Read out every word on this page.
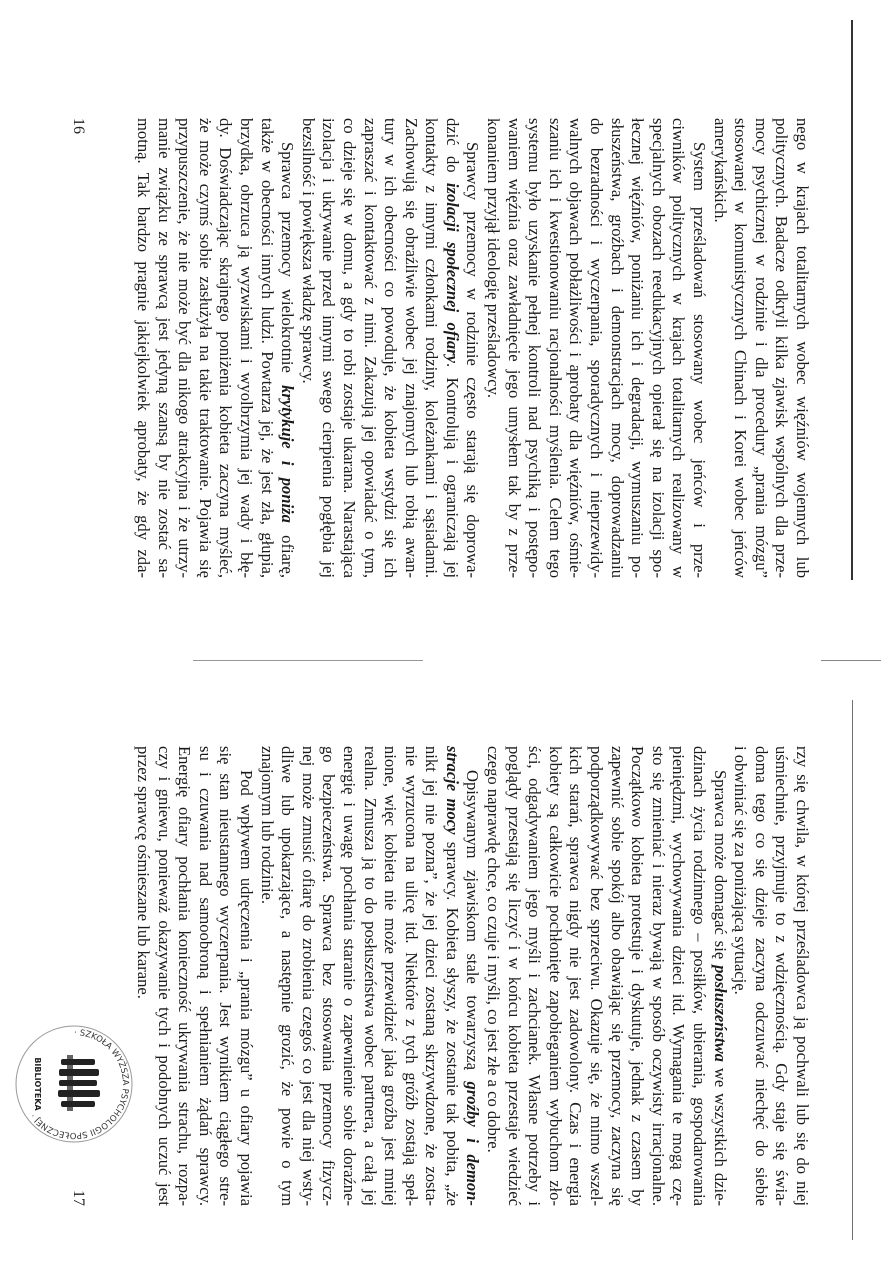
nego w krajach totalitarnych wobec więźniów wojennych lub
politycznych. Badacze odkryli kilka zjawisk wspólnych dla prze-
mocy psychicznej w rodzinie i dla procedury „prania mózgu”
stosowanej w komunistycznych Chinach i Korei wobec jeńców
amerykańskich.
System prześladowań stosowany wobec jeńców i prze-
ciwników politycznych w krajach totalitarnych realizowany w
specjalnych obozach reedukacyjnych opierał się na izolacji spo-
łecznej więźniów, poniżaniu ich i degradacji, wymuszaniu po-
słuszeństwa, groźbach i demonstracjach mocy, doprowadzaniu
do bezradności i wyczerpania, sporadycznych i nieprzewidy-
walnych objawach pobłażliwości i aprobaty dla więźniów, ośmie-
szaniu ich i kwestionowaniu racjonalności myślenia. Celem tego
systemu było uzyskanie pełnej kontroli nad psychiką i postępo-
waniem więźnia oraz zawładnięcie jego umysłem tak by z prze-
konaniem przyjął ideologię prześladowcy.
Sprawcy przemocy w rodzinie często starają się doprowa-
dzić do izolacji społecznej ofiary. Kontrolują i ograniczają jej
kontakty z innymi członkami rodziny, koleżankami i sąsiadami.
Zachowują się obraźliwie wobec jej znajomych lub robią awan-
tury w ich obecności co powoduje, że kobieta wstydzi się ich
zapraszać i kontaktować z nimi. Zakazują jej opowiadać o tym,
co dzieje się w domu, a gdy to robi zostaje ukarana. Narastająca
izolacja i ukrywanie przed innymi swego cierpienia pogłębia jej
bezsilność i powiększa władzę sprawcy.
Sprawca przemocy wielokrotnie krytykuje i poniża ofiarę,
także w obecności innych ludzi. Powtarza jej, że jest zła, głupia,
brzydka, obrzuca ją wyzwiskami i wyolbrzymia jej wady i błę-
dy. Doświadczając skrajnego poniżenia kobieta zaczyna myśleć,
że może czymś sobie zasłużyła na takie traktowanie. Pojawia się
przypuszczenie, że nie może być dla nikogo atrakcyjna i że utrzy-
manie związku ze sprawcą jest jedyną szansą by nie zostać sa-
motną. Tak bardzo pragnie jakiejkolwiek aprobaty, że gdy zda-
rzy się chwila, w której prześladowca ją pochwali lub się do niej
uśmiechnie, przyjmuje to z wdzięcznością. Gdy staje się świa-
doma tego co się dzieje zaczyna odczuwać niechęć do siebie
i obwiniać się za poniżającą sytuację.
Sprawca może domagać się posłuszeństwa we wszystkich dzie-
dzinach życia rodzinnego – posiłków, ubierania, gospodarowania
pieniędzmi, wychowywania dzieci itd. Wymagania te mogą czę-
sto się zmieniać i nieraz bywają w sposób oczywisty irracjonalne.
Początkowo kobieta protestuje i dyskutuje, jednak z czasem by
zapewnić sobie spokój albo obawiając się przemocy, zaczyna się
podporządkowywać bez sprzeciwu. Okazuje się, że mimo wszel-
kich starań, sprawca nigdy nie jest zadowolony. Czas i energia
kobiety są całkowicie pochłonięte zapobieganiem wybuchom zło-
ści, odgadywaniem jego myśli i zachcianek. Własne potrzeby i
poglądy przestają się liczyć i w końcu kobieta przestaje wiedzieć
czego naprawdę chce, co czuje i myśli, co jest złe a co dobre.
Opisywanym zjawiskom stale towarzyszą groźby i demon-
stracje mocy sprawcy. Kobieta słyszy, że zostanie tak pobita, „że
nikt jej nie pozna”, że jej dzieci zostaną skrzywdzone, że zosta-
nie wyrzucona na ulicę itd. Niektóre z tych gróźb zostają speł-
nione, więc kobieta nie może przewidzieć jaka groźba jest mniej
realna. Zmusza ją to do posłuszeństwa wobec partnera, a całą jej
energię i uwagę pochłania staranie o zapewnienie sobie doraźne-
go bezpieczeństwa. Sprawca bez stosowania przemocy fizycz-
nej może zmusić ofiarę do zrobienia czegoś co jest dla niej wsty-
dliwe lub upokarzające, a następnie grozić, że powie o tym
znajomym lub rodzinie.
Pod wpływem udręczenia i „prania mózgu” u ofiary pojawia
się stan nieustannego wyczerpania. Jest wynikiem ciągłego stre-
su i czuwania nad samoobroną i spełnianiem żądań sprawcy.
Energię ofiary pochłania konieczność ukrywania strachu, rozpa-
czy i gniewu, ponieważ okazywanie tych i podobnych uczuć jest
przez sprawcę ośmieszane lub karane.
16
17
· SZKOŁA WYŻSZA PSYCHOLOGII SPOŁECZNEJ ·
BIBLIOTEKA
